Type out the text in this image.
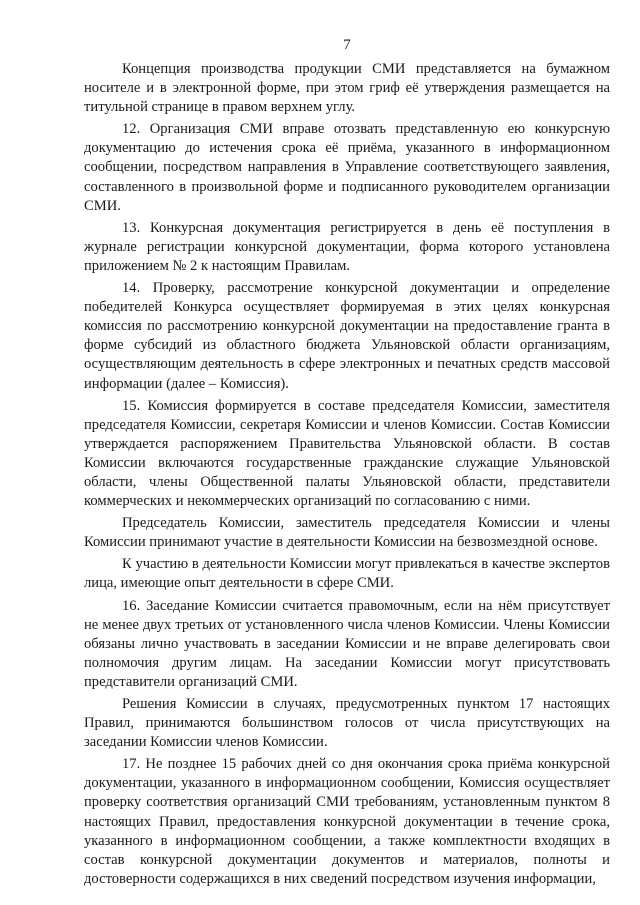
7

Концепция производства продукции СМИ представляется на бумажном носителе и в электронной форме, при этом гриф её утверждения размещается на титульной странице в правом верхнем углу.

12. Организация СМИ вправе отозвать представленную ею конкурсную документацию до истечения срока её приёма, указанного в информационном сообщении, посредством направления в Управление соответствующего заявления, составленного в произвольной форме и подписанного руководителем организации СМИ.

13. Конкурсная документация регистрируется в день её поступления в журнале регистрации конкурсной документации, форма которого установлена приложением № 2 к настоящим Правилам.

14. Проверку, рассмотрение конкурсной документации и определение победителей Конкурса осуществляет формируемая в этих целях конкурсная комиссия по рассмотрению конкурсной документации на предоставление гранта в форме субсидий из областного бюджета Ульяновской области организациям, осуществляющим деятельность в сфере электронных и печатных средств массовой информации (далее – Комиссия).

15. Комиссия формируется в составе председателя Комиссии, заместителя председателя Комиссии, секретаря Комиссии и членов Комиссии. Состав Комиссии утверждается распоряжением Правительства Ульяновской области. В состав Комиссии включаются государственные гражданские служащие Ульяновской области, члены Общественной палаты Ульяновской области, представители коммерческих и некоммерческих организаций по согласованию с ними.

Председатель Комиссии, заместитель председателя Комиссии и члены Комиссии принимают участие в деятельности Комиссии на безвозмездной основе.

К участию в деятельности Комиссии могут привлекаться в качестве экспертов лица, имеющие опыт деятельности в сфере СМИ.

16. Заседание Комиссии считается правомочным, если на нём присутствует не менее двух третьих от установленного числа членов Комиссии. Члены Комиссии обязаны лично участвовать в заседании Комиссии и не вправе делегировать свои полномочия другим лицам. На заседании Комиссии могут присутствовать представители организаций СМИ.

Решения Комиссии в случаях, предусмотренных пунктом 17 настоящих Правил, принимаются большинством голосов от числа присутствующих на заседании Комиссии членов Комиссии.

17. Не позднее 15 рабочих дней со дня окончания срока приёма конкурсной документации, указанного в информационном сообщении, Комиссия осуществляет проверку соответствия организаций СМИ требованиям, установленным пунктом 8 настоящих Правил, предоставления конкурсной документации в течение срока, указанного в информационном сообщении, а также комплектности входящих в состав конкурсной документации документов и материалов, полноты и достоверности содержащихся в них сведений посредством изучения информации,
